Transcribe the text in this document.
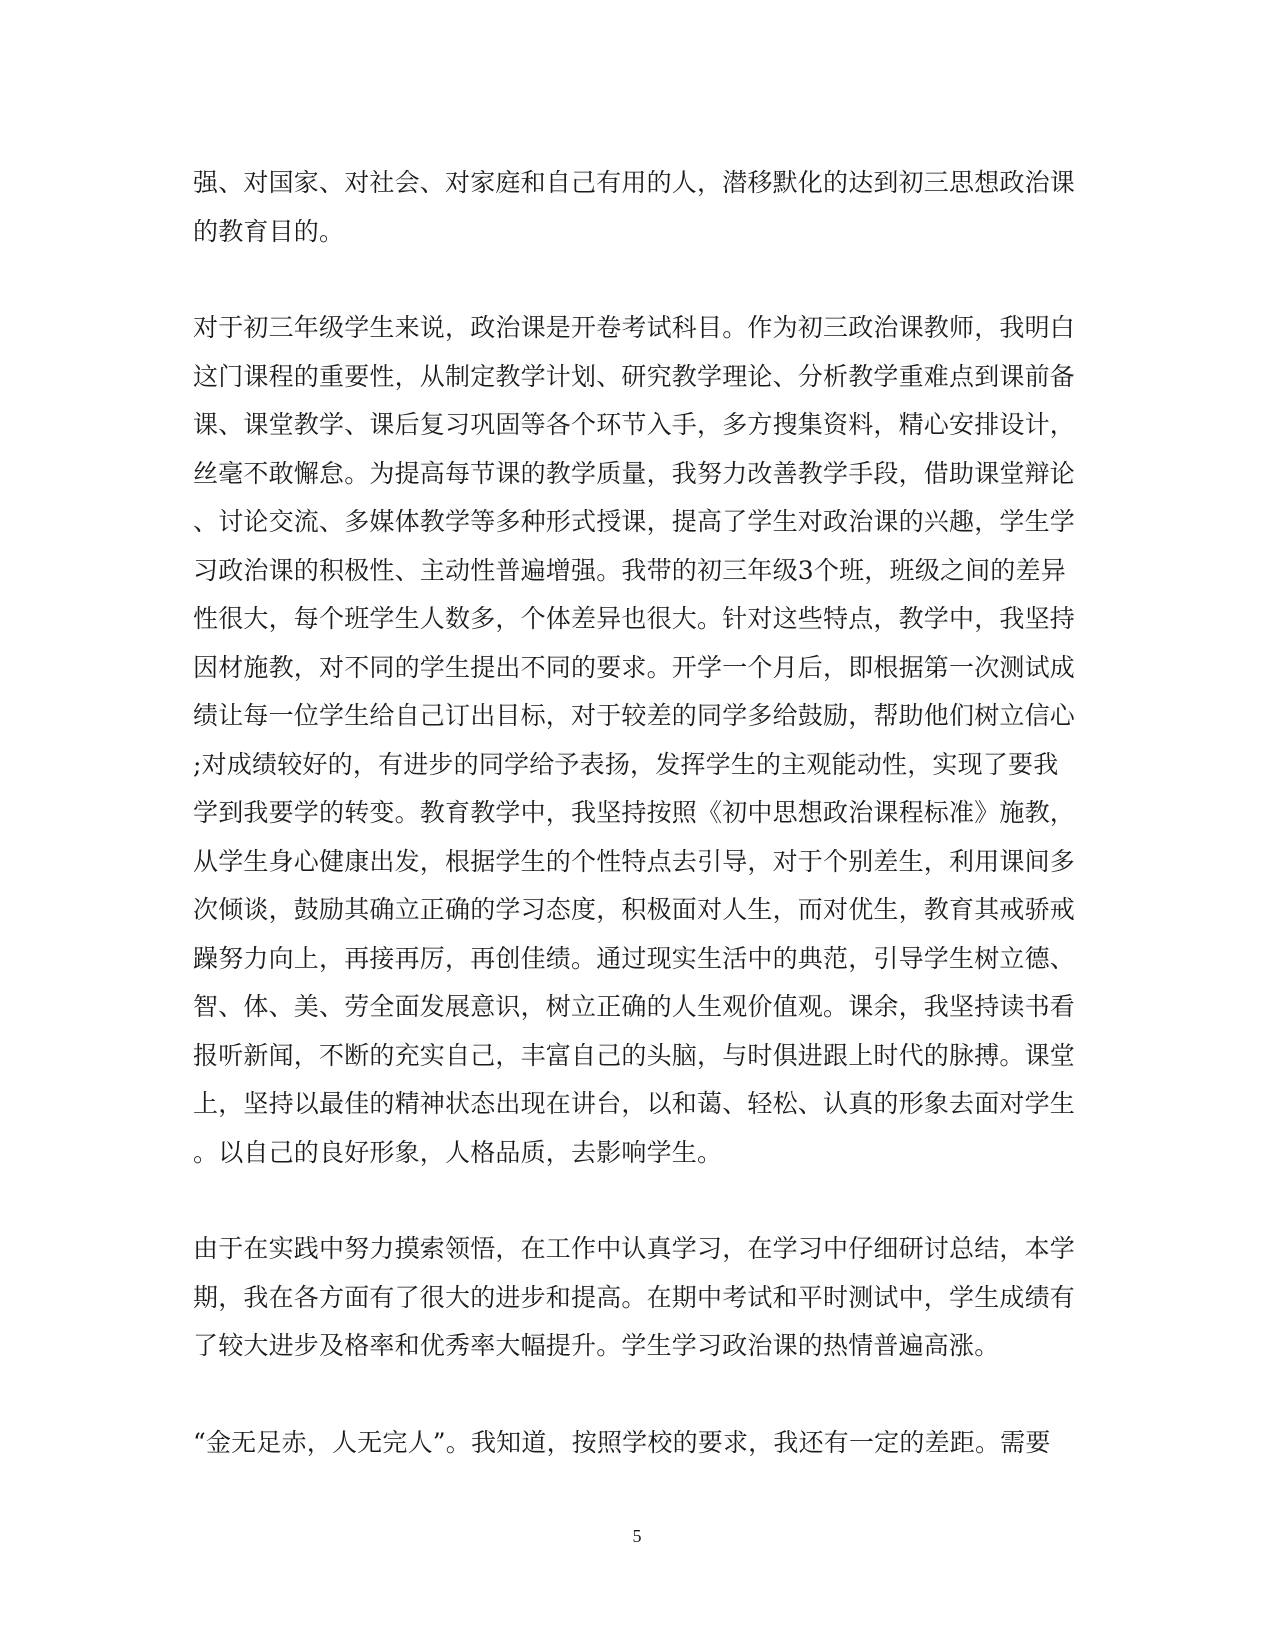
强、对国家、对社会、对家庭和自己有用的人，潜移默化的达到初三思想政治课

的教育目的。

对于初三年级学生来说，政治课是开卷考试科目。作为初三政治课教师，我明白

这门课程的重要性，从制定教学计划、研究教学理论、分析教学重难点到课前备

课、课堂教学、课后复习巩固等各个环节入手，多方搜集资料，精心安排设计，

丝毫不敢懈怠。为提高每节课的教学质量，我努力改善教学手段，借助课堂辩论

、讨论交流、多媒体教学等多种形式授课，提高了学生对政治课的兴趣，学生学

习政治课的积极性、主动性普遍增强。我带的初三年级3个班，班级之间的差异

性很大，每个班学生人数多，个体差异也很大。针对这些特点，教学中，我坚持

因材施教，对不同的学生提出不同的要求。开学一个月后，即根据第一次测试成

绩让每一位学生给自己订出目标，对于较差的同学多给鼓励，帮助他们树立信心

;对成绩较好的，有进步的同学给予表扬，发挥学生的主观能动性，实现了要我

学到我要学的转变。教育教学中，我坚持按照《初中思想政治课程标准》施教，

从学生身心健康出发，根据学生的个性特点去引导，对于个别差生，利用课间多

次倾谈，鼓励其确立正确的学习态度，积极面对人生，而对优生，教育其戒骄戒

躁努力向上，再接再厉，再创佳绩。通过现实生活中的典范，引导学生树立德、

智、体、美、劳全面发展意识，树立正确的人生观价值观。课余，我坚持读书看

报听新闻，不断的充实自己，丰富自己的头脑，与时俱进跟上时代的脉搏。课堂

上，坚持以最佳的精神状态出现在讲台，以和蔼、轻松、认真的形象去面对学生

。以自己的良好形象，人格品质，去影响学生。

由于在实践中努力摸索领悟，在工作中认真学习，在学习中仔细研讨总结，本学

期，我在各方面有了很大的进步和提高。在期中考试和平时测试中，学生成绩有

了较大进步及格率和优秀率大幅提升。学生学习政治课的热情普遍高涨。

“金无足赤，人无完人”。我知道，按照学校的要求，我还有一定的差距。需要

5
